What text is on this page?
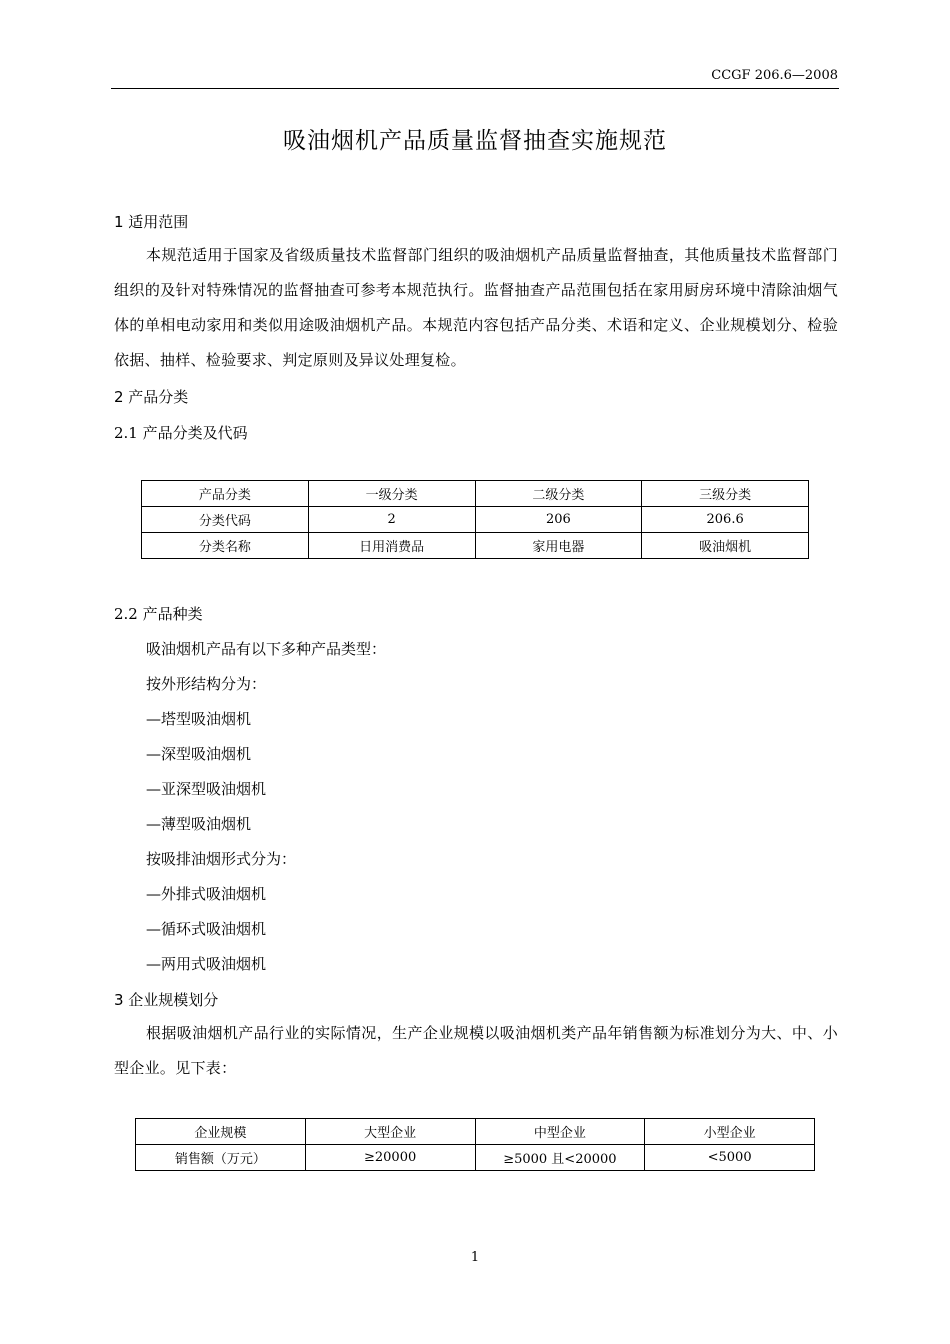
CCGF 206.6—2008
吸油烟机产品质量监督抽查实施规范
1 适用范围
本规范适用于国家及省级质量技术监督部门组织的吸油烟机产品质量监督抽查，其他质量技术监督部门组织的及针对特殊情况的监督抽查可参考本规范执行。监督抽查产品范围包括在家用厨房环境中清除油烟气体的单相电动家用和类似用途吸油烟机产品。本规范内容包括产品分类、术语和定义、企业规模划分、检验依据、抽样、检验要求、判定原则及异议处理复检。
2 产品分类
2.1 产品分类及代码
产品分类	一级分类	二级分类	三级分类
分类代码	2	206	206.6
分类名称	日用消费品	家用电器	吸油烟机
2.2 产品种类
吸油烟机产品有以下多种产品类型：
按外形结构分为：
—塔型吸油烟机
—深型吸油烟机
—亚深型吸油烟机
—薄型吸油烟机
按吸排油烟形式分为：
—外排式吸油烟机
—循环式吸油烟机
—两用式吸油烟机
3 企业规模划分
根据吸油烟机产品行业的实际情况，生产企业规模以吸油烟机类产品年销售额为标准划分为大、中、小型企业。见下表：
企业规模	大型企业	中型企业	小型企业
销售额（万元）	≥20000	≥5000 且<20000	<5000
1
